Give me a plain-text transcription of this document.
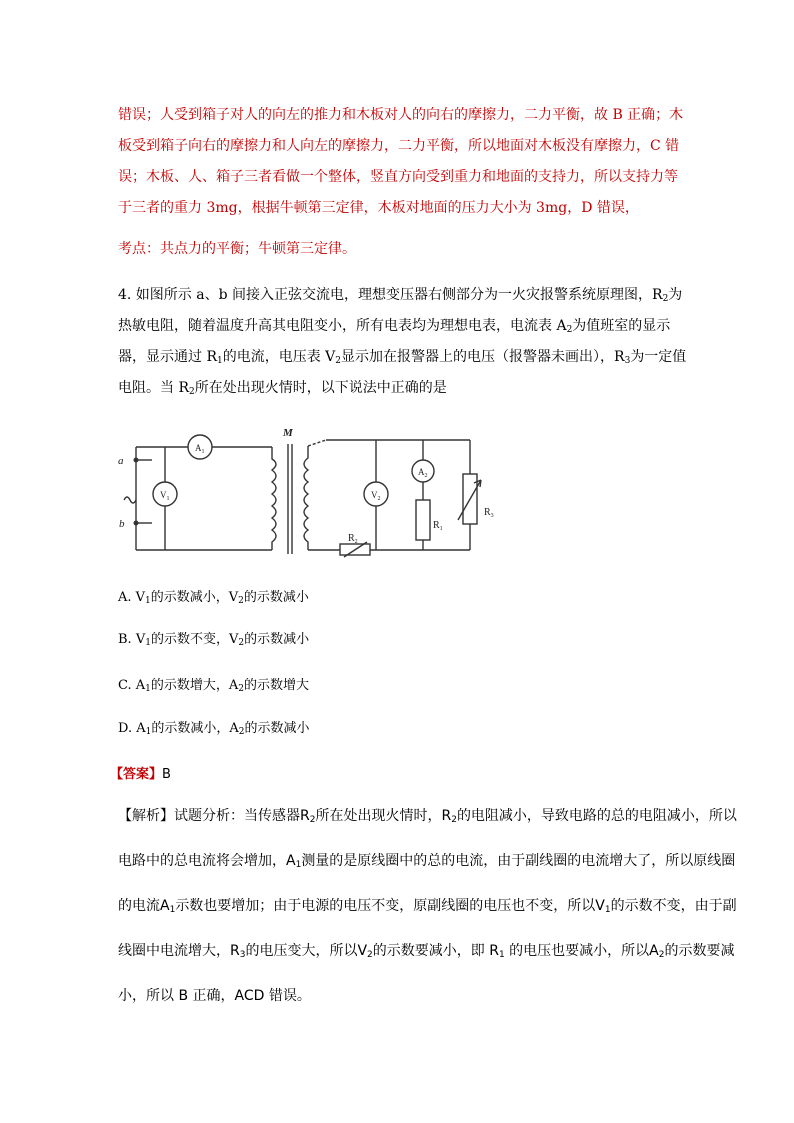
错误；人受到箱子对人的向左的推力和木板对人的向右的摩擦力，二力平衡，故 B 正确；木
板受到箱子向右的摩擦力和人向左的摩擦力，二力平衡，所以地面对木板没有摩擦力，C 错
误；木板、人、箱子三者看做一个整体，竖直方向受到重力和地面的支持力，所以支持力等
于三者的重力 3mg，根据牛顿第三定律，木板对地面的压力大小为 3mg，D 错误，
考点：共点力的平衡；牛顿第三定律。
4. 如图所示 a、b 间接入正弦交流电，理想变压器右侧部分为一火灾报警系统原理图，$R_2$为
热敏电阻，随着温度升高其电阻变小，所有电表均为理想电表，电流表 $A_2$为值班室的显示
器，显示通过 $R_1$的电流，电压表 $V_2$显示加在报警器上的电压（报警器未画出），$R_3$为一定值
电阻。当 $R_2$所在处出现火情时，以下说法中正确的是
a
b
M
$A_1$
$V_1$	$V_2$
$A_2$
$R_1$
$R_2$
$R_3$
A. $V_1$的示数减小，$V_2$的示数减小
B. $V_1$的示数不变，$V_2$的示数减小
C. $A_1$的示数增大，$A_2$的示数增大
D. $A_1$的示数减小，$A_2$的示数减小
【答案】B
【解析】试题分析：当传感器$R_2$所在处出现火情时，$R_2$的电阻减小，导致电路的总的电阻减小，所以
电路中的总电流将会增加，$A_1$测量的是原线圈中的总的电流，由于副线圈的电流增大了，所以原线圈
的电流$A_1$示数也要增加；由于电源的电压不变，原副线圈的电压也不变，所以$V_1$的示数不变，由于副
线圈中电流增大，$R_3$的电压变大，所以$V_2$的示数要减小，即 $R_1$ 的电压也要减小，所以$A_2$的示数要减
小，所以 B 正确，ACD 错误。
